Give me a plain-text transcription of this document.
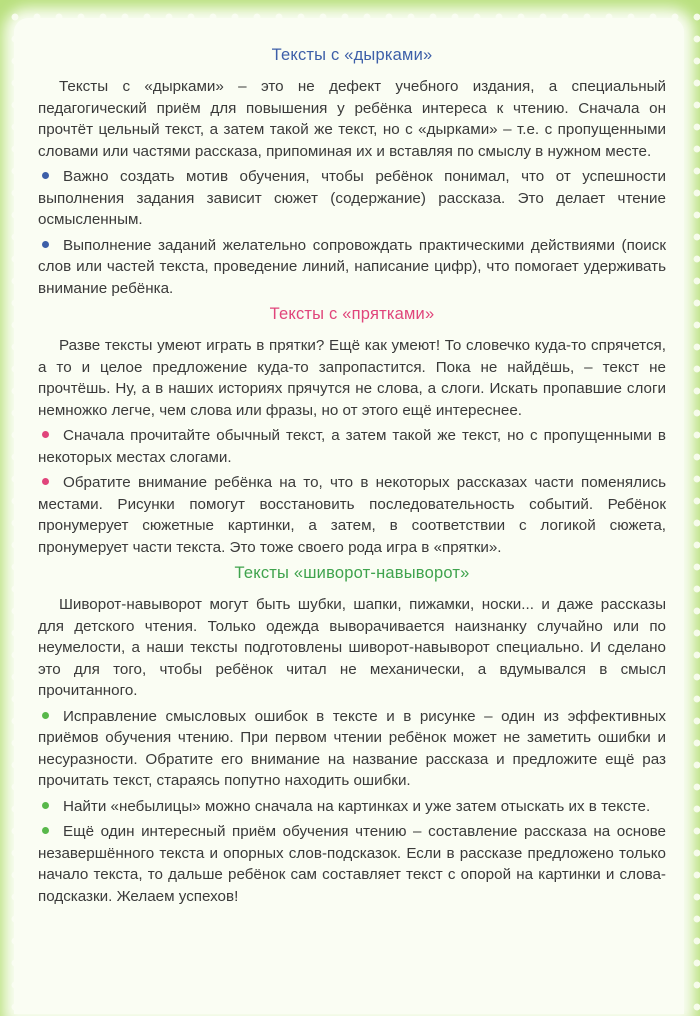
Тексты с «дырками»

Тексты с «дырками» – это не дефект учебного издания, а специальный педагогический приём для повышения у ребёнка интереса к чтению. Сначала он прочтёт цельный текст, а затем такой же текст, но с «дырками» – т.е. с пропущенными словами или частями рассказа, припоминая их и вставляя по смыслу в нужном месте.

Важно создать мотив обучения, чтобы ребёнок понимал, что от успешности выполнения задания зависит сюжет (содержание) рассказа. Это делает чтение осмысленным.

Выполнение заданий желательно сопровождать практическими действиями (поиск слов или частей текста, проведение линий, написание цифр), что помогает удерживать внимание ребёнка.

Тексты с «прятками»

Разве тексты умеют играть в прятки? Ещё как умеют! То словечко куда-то спрячется, а то и целое предложение куда-то запропастится. Пока не найдёшь, – текст не прочтёшь. Ну, а в наших историях прячутся не слова, а слоги. Искать пропавшие слоги немножко легче, чем слова или фразы, но от этого ещё интереснее.

Сначала прочитайте обычный текст, а затем такой же текст, но с пропущенными в некоторых местах слогами.

Обратите внимание ребёнка на то, что в некоторых рассказах части поменялись местами. Рисунки помогут восстановить последовательность событий. Ребёнок пронумерует сюжетные картинки, а затем, в соответствии с логикой сюжета, пронумерует части текста. Это тоже своего рода игра в «прятки».

Тексты «шиворот-навыворот»

Шиворот-навыворот могут быть шубки, шапки, пижамки, носки... и даже рассказы для детского чтения. Только одежда выворачивается наизнанку случайно или по неумелости, а наши тексты подготовлены шиворот-навыворот специально. И сделано это для того, чтобы ребёнок читал не механически, а вдумывался в смысл прочитанного.

Исправление смысловых ошибок в тексте и в рисунке – один из эффективных приёмов обучения чтению. При первом чтении ребёнок может не заметить ошибки и несуразности. Обратите его внимание на название рассказа и предложите ещё раз прочитать текст, стараясь попутно находить ошибки.

Найти «небылицы» можно сначала на картинках и уже затем отыскать их в тексте.

Ещё один интересный приём обучения чтению – составление рассказа на основе незавершённого текста и опорных слов-подсказок. Если в рассказе предложено только начало текста, то дальше ребёнок сам составляет текст с опорой на картинки и слова-подсказки. Желаем успехов!
